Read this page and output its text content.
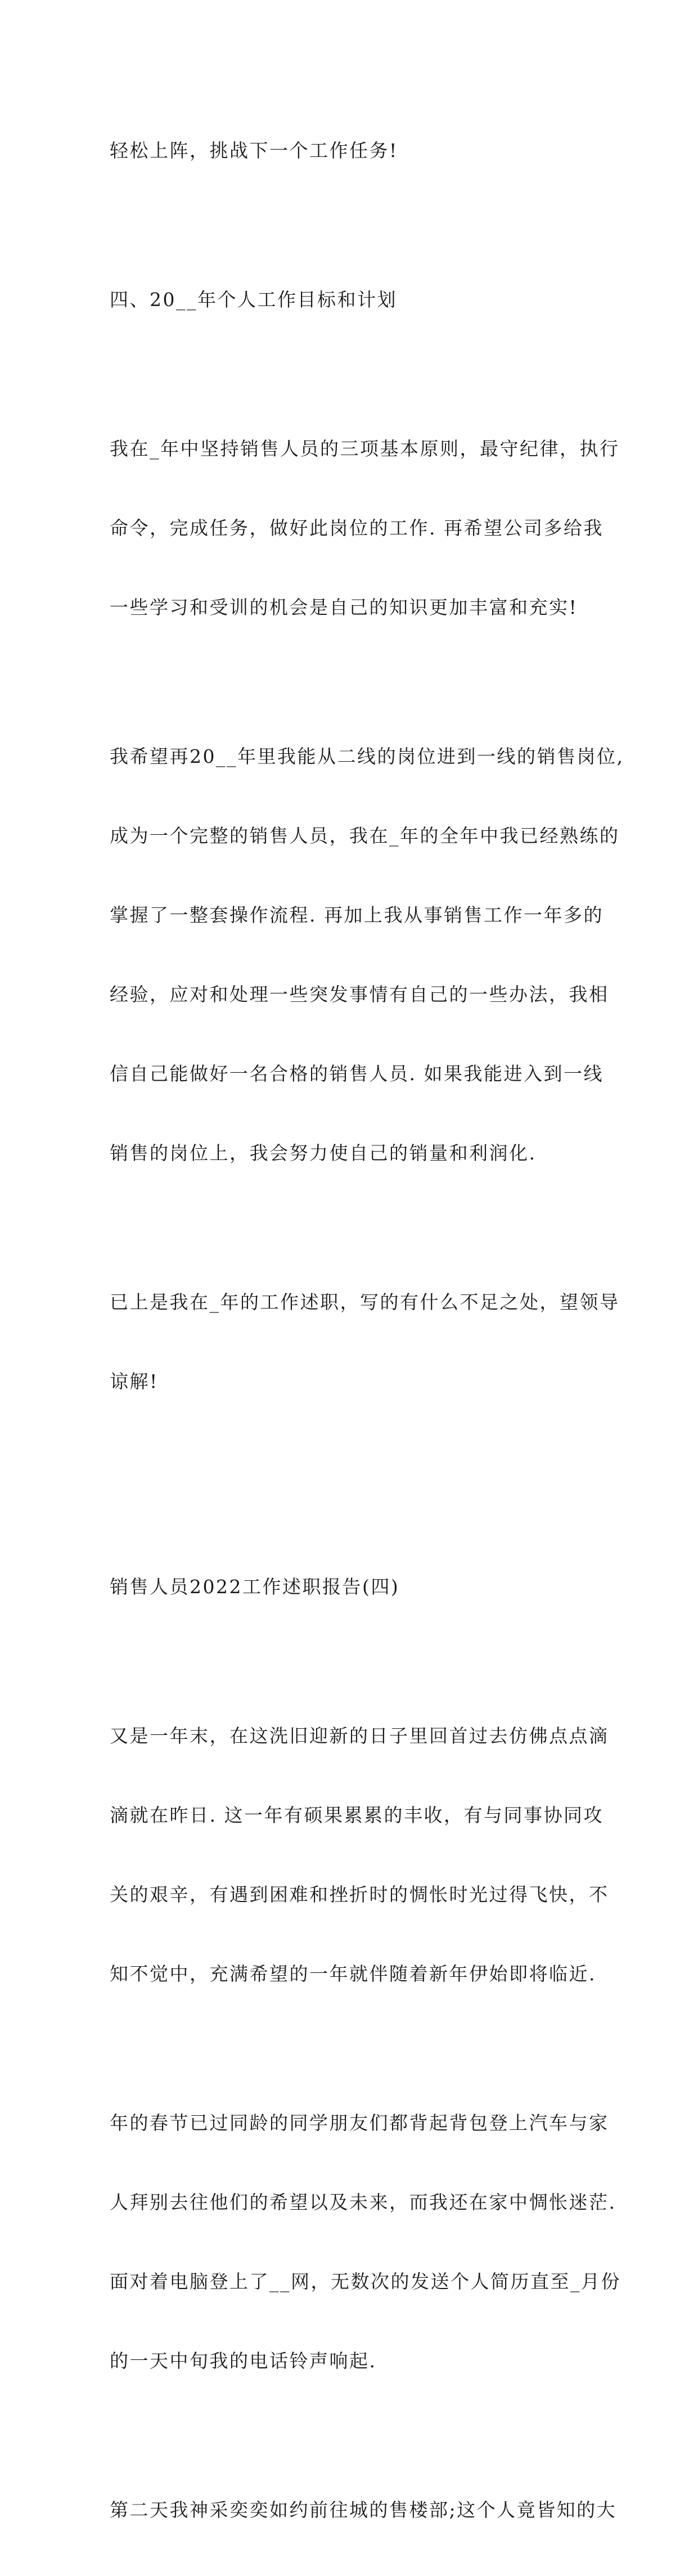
轻松上阵，挑战下一个工作任务!

四、20__年个人工作目标和计划

我在_年中坚持销售人员的三项基本原则，最守纪律，执行

命令，完成任务，做好此岗位的工作. 再希望公司多给我

一些学习和受训的机会是自己的知识更加丰富和充实!

我希望再20__年里我能从二线的岗位进到一线的销售岗位,

成为一个完整的销售人员，我在_年的全年中我已经熟练的

掌握了一整套操作流程. 再加上我从事销售工作一年多的

经验，应对和处理一些突发事情有自己的一些办法，我相

信自己能做好一名合格的销售人员. 如果我能进入到一线

销售的岗位上，我会努力使自己的销量和利润化.

已上是我在_年的工作述职，写的有什么不足之处，望领导

谅解!

销售人员2022工作述职报告(四)

又是一年末，在这洗旧迎新的日子里回首过去仿佛点点滴

滴就在昨日. 这一年有硕果累累的丰收，有与同事协同攻

关的艰辛，有遇到困难和挫折时的惆怅时光过得飞快，不

知不觉中，充满希望的一年就伴随着新年伊始即将临近.

年的春节已过同龄的同学朋友们都背起背包登上汽车与家

人拜别去往他们的希望以及未来，而我还在家中惆怅迷茫.

面对着电脑登上了__网，无数次的发送个人简历直至_月份

的一天中旬我的电话铃声响起.

第二天我神采奕奕如约前往城的售楼部;这个人竟皆知的大
